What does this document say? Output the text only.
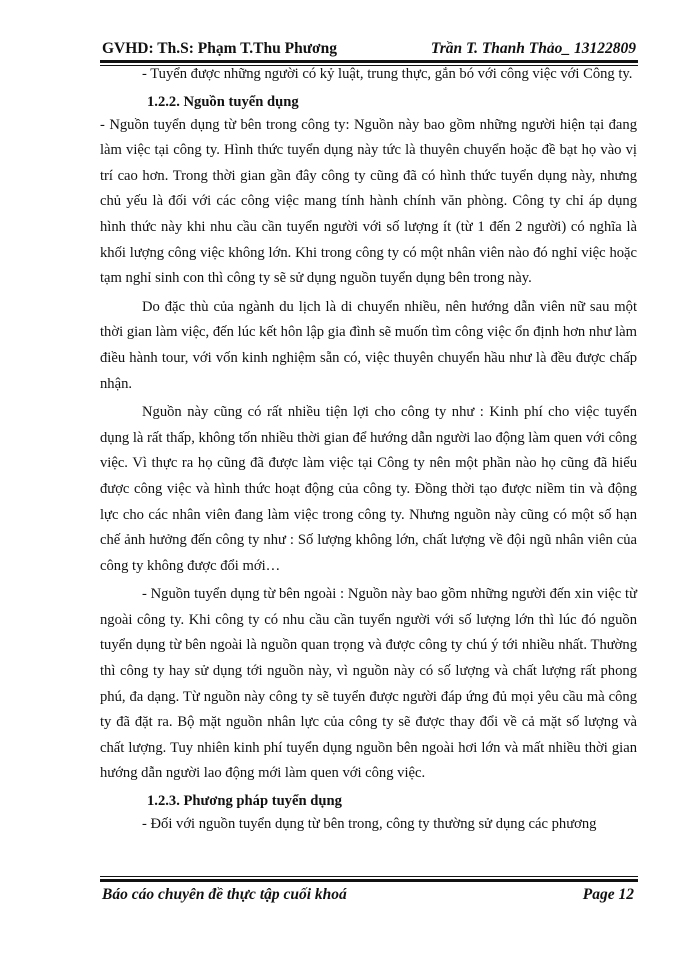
GVHD: Th.S: Phạm T.Thu Phương	Trần T. Thanh Thảo_ 13122809

- Tuyển được những người có kỷ luật, trung thực, gắn bó với công việc với Công ty.

1.2.2. Nguồn tuyển dụng

- Nguồn tuyển dụng từ bên trong công ty: Nguồn này bao gồm những người hiện tại đang làm việc tại công ty. Hình thức tuyển dụng này tức là thuyên chuyển hoặc đề bạt họ vào vị trí cao hơn. Trong thời gian gần đây công ty cũng đã có hình thức tuyển dụng này, nhưng chủ yếu là đối với các công việc mang tính hành chính văn phòng. Công ty chỉ áp dụng hình thức này khi nhu cầu cần tuyển người với số lượng ít (từ 1 đến 2 người) có nghĩa là khối lượng công việc không lớn. Khi trong công ty có một nhân viên nào đó nghỉ việc hoặc tạm nghỉ sinh con thì công ty sẽ sử dụng nguồn tuyển dụng bên trong này.

Do đặc thù của ngành du lịch là di chuyển nhiều, nên hướng dẫn viên nữ sau một thời gian làm việc, đến lúc kết hôn lập gia đình sẽ muốn tìm công việc ổn định hơn như làm điều hành tour, với vốn kinh nghiệm sẵn có, việc thuyên chuyển hầu như là đều được chấp nhận.

Nguồn này cũng có rất nhiều tiện lợi cho công ty như : Kinh phí cho việc tuyển dụng là rất thấp, không tốn nhiều thời gian để hướng dẫn người lao động làm quen với công việc. Vì thực ra họ cũng đã được làm việc tại Công ty nên một phần nào họ cũng đã hiểu được công việc và hình thức hoạt động của công ty. Đồng thời tạo được niềm tin và động lực cho các nhân viên đang làm việc trong công ty. Nhưng nguồn này cũng có một số hạn chế ảnh hưởng đến công ty như : Số lượng không lớn, chất lượng về đội ngũ nhân viên của công ty không được đổi mới…

- Nguồn tuyển dụng từ bên ngoài : Nguồn này bao gồm những người đến xin việc từ ngoài công ty. Khi công ty có nhu cầu cần tuyển người với số lượng lớn thì lúc đó nguồn tuyển dụng từ bên ngoài là nguồn quan trọng và được công ty chú ý tới nhiều nhất. Thường thì công ty hay sử dụng tới nguồn này, vì nguồn này có số lượng và chất lượng rất phong phú, đa dạng. Từ nguồn này công ty sẽ tuyển được người đáp ứng đủ mọi yêu cầu mà công ty đã đặt ra. Bộ mặt nguồn nhân lực của công ty sẽ được thay đổi về cả mặt số lượng và chất lượng. Tuy nhiên kinh phí tuyển dụng nguồn bên ngoài hơi lớn và mất nhiều thời gian hướng dẫn người lao động mới làm quen với công việc.

1.2.3. Phương pháp tuyển dụng

- Đối với nguồn tuyển dụng từ bên trong, công ty thường sử dụng các phương

Báo cáo chuyên đề thực tập cuối khoá	Page 12
